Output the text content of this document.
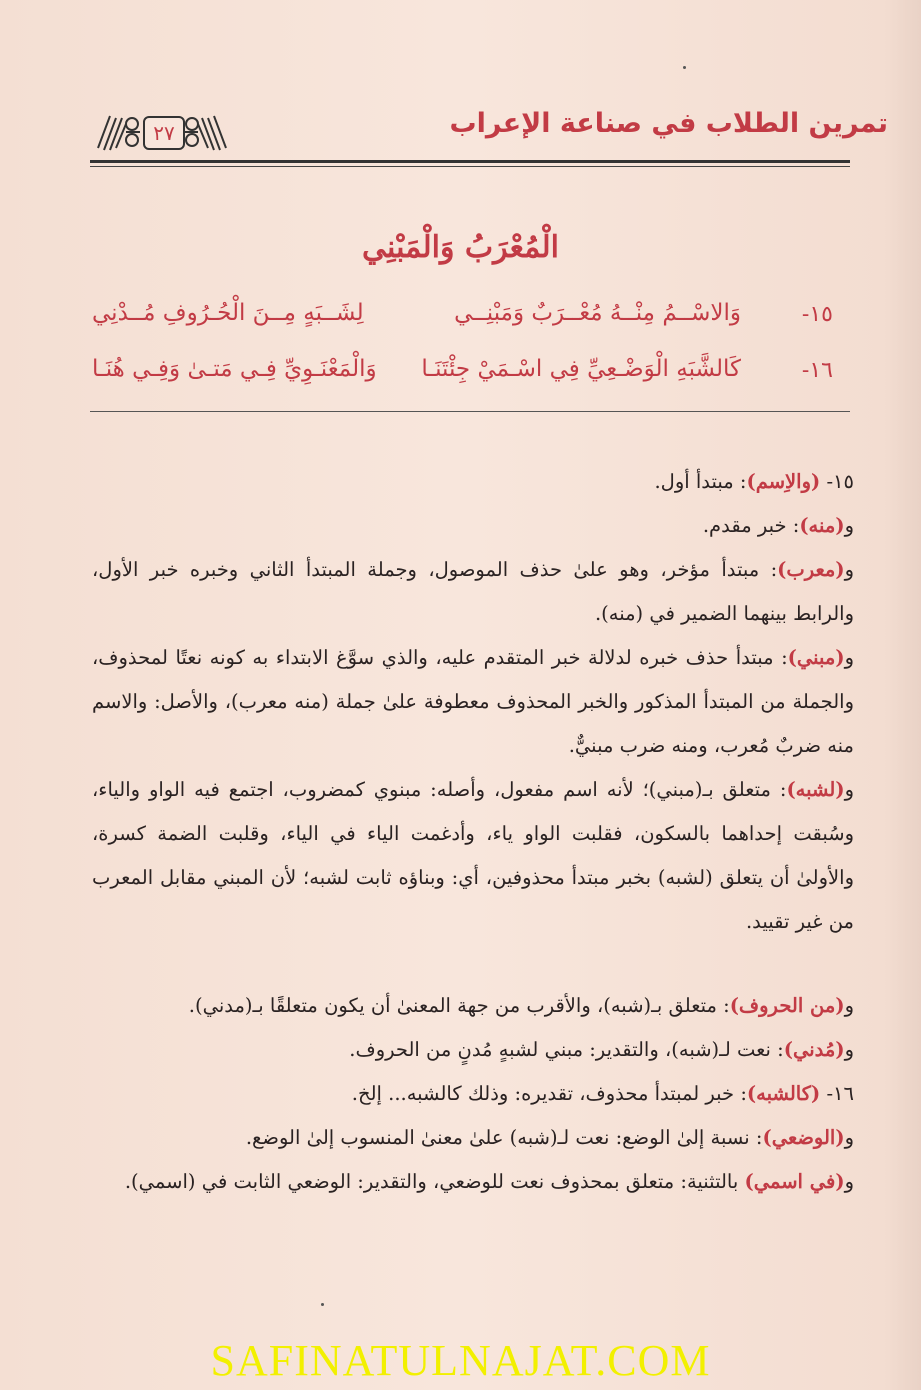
تمرين الطلاب في صناعة الإعراب
٢٧
الْمُعْرَبُ وَالْمَبْنِي
١٥-
وَالاسْــمُ مِنْــهُ مُعْــرَبٌ وَمَبْنِــي
لِشَــبَهٍ مِــنَ الْحُـرُوفِ مُــدْنِي
١٦-
كَالشَّبَهِ الْوَضْـعِيِّ فِي اسْـمَيْ جِئْتَنَـا
وَالْمَعْنَـوِيِّ فِـي مَتـىٰ وَفِـي هُنَـا
١٥- (والاِسم): مبتدأ أول.
و(منه): خبر مقدم.
و(معرب): مبتدأ مؤخر، وهو علىٰ حذف الموصول، وجملة المبتدأ الثاني وخبره خبر الأول، والرابط بينهما الضمير في (منه).
و(مبني): مبتدأ حذف خبره لدلالة خبر المتقدم عليه، والذي سوَّغ الابتداء به كونه نعتًا لمحذوف، والجملة من المبتدأ المذكور والخبر المحذوف معطوفة علىٰ جملة (منه معرب)، والأصل: والاسم منه ضربٌ مُعرب، ومنه ضرب مبنيٌّ.
و(لشبه): متعلق بـ(مبني)؛ لأنه اسم مفعول، وأصله: مبنوي كمضروب، اجتمع فيه الواو والياء، وسُبقت إحداهما بالسكون، فقلبت الواو ياء، وأدغمت الياء في الياء، وقلبت الضمة كسرة، والأولىٰ أن يتعلق (لشبه) بخبر مبتدأ محذوفين، أي: وبناؤه ثابت لشبه؛ لأن المبني مقابل المعرب من غير تقييد.
و(من الحروف): متعلق بـ(شبه)، والأقرب من جهة المعنىٰ أن يكون متعلقًا بـ(مدني).
و(مُدني): نعت لـ(شبه)، والتقدير: مبني لشبهٍ مُدنٍ من الحروف.
١٦- (كالشبه): خبر لمبتدأ محذوف، تقديره: وذلك كالشبه... إلخ.
و(الوضعي): نسبة إلىٰ الوضع: نعت لـ(شبه) علىٰ معنىٰ المنسوب إلىٰ الوضع.
و(في اسمي) بالتثنية: متعلق بمحذوف نعت للوضعي، والتقدير: الوضعي الثابت في (اسمي).
SAFINATULNAJAT.COM
